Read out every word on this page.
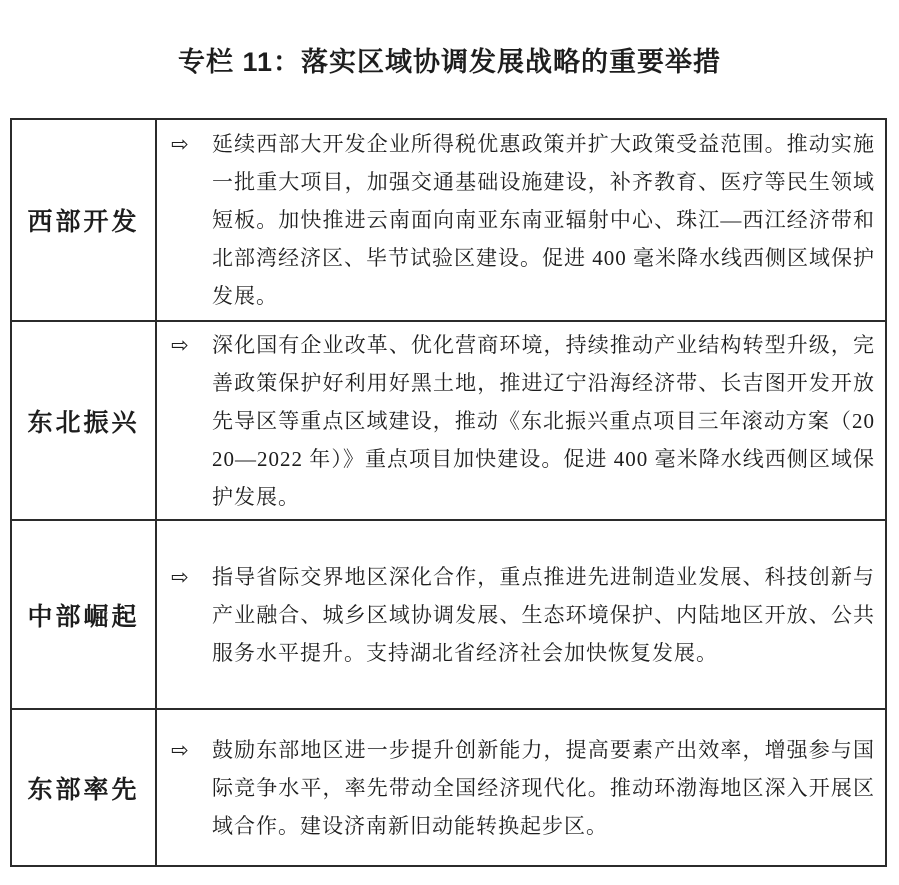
专栏 11：落实区域协调发展战略的重要举措
西部开发
⇨	延续西部大开发企业所得税优惠政策并扩大政策受益范围。推动实施一批重大项目，加强交通基础设施建设，补齐教育、医疗等民生领域短板。加快推进云南面向南亚东南亚辐射中心、珠江—西江经济带和北部湾经济区、毕节试验区建设。促进 400 毫米降水线西侧区域保护发展。

东北振兴
⇨	深化国有企业改革、优化营商环境，持续推动产业结构转型升级，完善政策保护好利用好黑土地，推进辽宁沿海经济带、长吉图开发开放先导区等重点区域建设，推动《东北振兴重点项目三年滚动方案（2020—2022 年）》重点项目加快建设。促进 400 毫米降水线西侧区域保护发展。

中部崛起
⇨	指导省际交界地区深化合作，重点推进先进制造业发展、科技创新与产业融合、城乡区域协调发展、生态环境保护、内陆地区开放、公共服务水平提升。支持湖北省经济社会加快恢复发展。

东部率先
⇨	鼓励东部地区进一步提升创新能力，提高要素产出效率，增强参与国际竞争水平，率先带动全国经济现代化。推动环渤海地区深入开展区域合作。建设济南新旧动能转换起步区。
